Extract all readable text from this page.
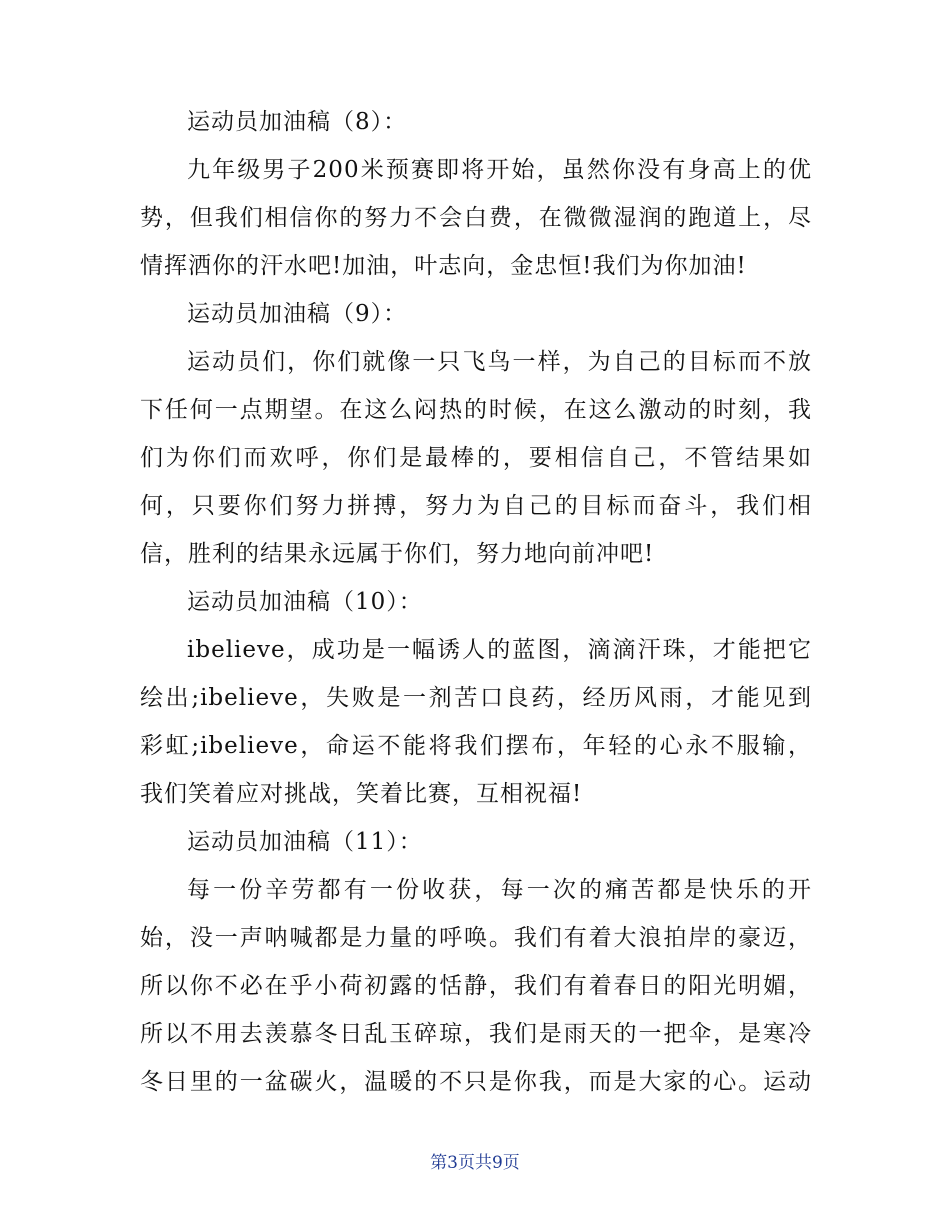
运动员加油稿（8）：

九年级男子200米预赛即将开始，虽然你没有身高上的优
势，但我们相信你的努力不会白费，在微微湿润的跑道上，尽
情挥洒你的汗水吧!加油，叶志向，金忠恒!我们为你加油!

运动员加油稿（9）：

运动员们，你们就像一只飞鸟一样，为自己的目标而不放
下任何一点期望。在这么闷热的时候，在这么激动的时刻，我
们为你们而欢呼，你们是最棒的，要相信自己，不管结果如
何，只要你们努力拼搏，努力为自己的目标而奋斗，我们相
信，胜利的结果永远属于你们，努力地向前冲吧!

运动员加油稿（10）：

ibelieve，成功是一幅诱人的蓝图，滴滴汗珠，才能把它
绘出;ibelieve，失败是一剂苦口良药，经历风雨，才能见到
彩虹;ibelieve，命运不能将我们摆布，年轻的心永不服输，
我们笑着应对挑战，笑着比赛，互相祝福!

运动员加油稿（11）：

每一份辛劳都有一份收获，每一次的痛苦都是快乐的开
始，没一声呐喊都是力量的呼唤。我们有着大浪拍岸的豪迈，
所以你不必在乎小荷初露的恬静，我们有着春日的阳光明媚，
所以不用去羡慕冬日乱玉碎琼，我们是雨天的一把伞，是寒冷
冬日里的一盆碳火，温暖的不只是你我，而是大家的心。运动

第3页共9页
